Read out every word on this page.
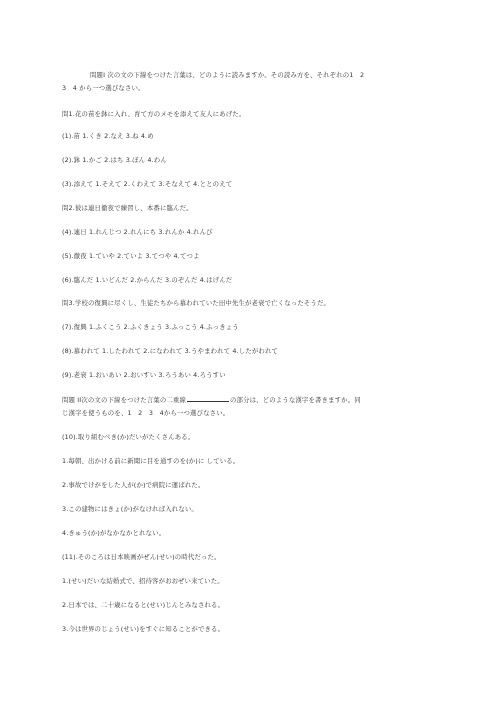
問題Ⅰ 次の文の下線をつけた言葉は、どのように読みますか。その読み方を、それぞれの1　2
3　4 から一つ選びなさい。
問1.花の苗を鉢に入れ、育て方のメモを添えて友人にあげた。
(1).苗 1.くき 2.なえ 3.ね 4.め
(2).鉢 1.かご 2.はち 3.ぼん 4.わん
(3).添えて 1.そえて 2.くわえて 3.そなえて 4.ととのえて
問2.彼は連日徹夜で練習し、本番に臨んだ。
(4).連日 1.れんじつ 2.れんにち 3.れんか 4.れんび
(5).徹夜 1.ていや 2.ていよ 3.てつや 4.てつよ
(6).臨んだ 1.いどんだ 2.からんだ 3.のぞんだ 4.はげんだ
問3.学校の復興に尽くし、生徒たちから慕われていた田中先生が老衰で亡くなったそうだ。
(7).復興 1.ふくこう 2.ふくきょう 3.ふっこう 4.ふっきょう
(8).慕われて 1.したわれて 2.になわれて 3.うやまわれて 4.したがわれて
(9).老衰 1.おいあい 2.おいすい 3.ろうあい 4.ろうすい
問題 II次の文の下線をつけた言葉の二重線	の部分は、どのような漢字を書きますか。同
じ漢字を使うものを、1　2　3　4から一つ選びなさい。
(10).取り組むべき(か)だいがたくさんある。
1.毎朝、出かける前に新聞に目を通すのを(か)に している。
2.事故でけがをした人が(か)で病院に運ばれた。
3.この建物にはきょ(か)がなければ入れない。
4.きゅう(か)がなかなかとれない。
(11).そのころは日本映画がぜん(せい)の時代だった。
1.(せい)だいな結婚式で、招待客がおおぜい来ていた。
2.日本では、二十歳になると(せい)じんとみなされる。
3.今は世界のじょう(せい)をすぐに知ることができる。
